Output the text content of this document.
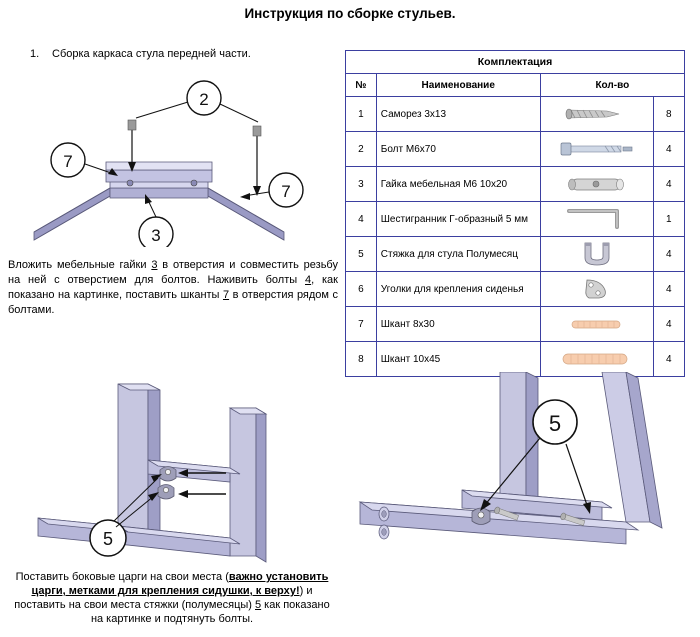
Инструкция по сборке стульев.
1. Сборка каркаса стула передней части.
2
7
7
3
Вложить мебельные гайки 3 в отверстия и совместить резьбу на ней с отверстием для болтов. Наживить болты 4, как показано на картинке, поставить шканты 7 в отверстия рядом с болтами.
Комплектация			
№	Наименование	Кол-во	
1	Саморез 3х13		8
2	Болт М6х70		4
3	Гайка мебельная М6 10х20		4
4	Шестигранник Г-образный 5 мм		1
5	Стяжка для стула Полумесяц		4
6	Уголки для крепления сиденья		4
7	Шкант 8х30		4
8	Шкант 10х45		4
5
5
Поставить боковые царги на свои места (важно установить царги, метками для крепления сидушки, к верху!) и поставить на свои места стяжки (полумесяцы) 5 как показано на картинке и подтянуть болты.
